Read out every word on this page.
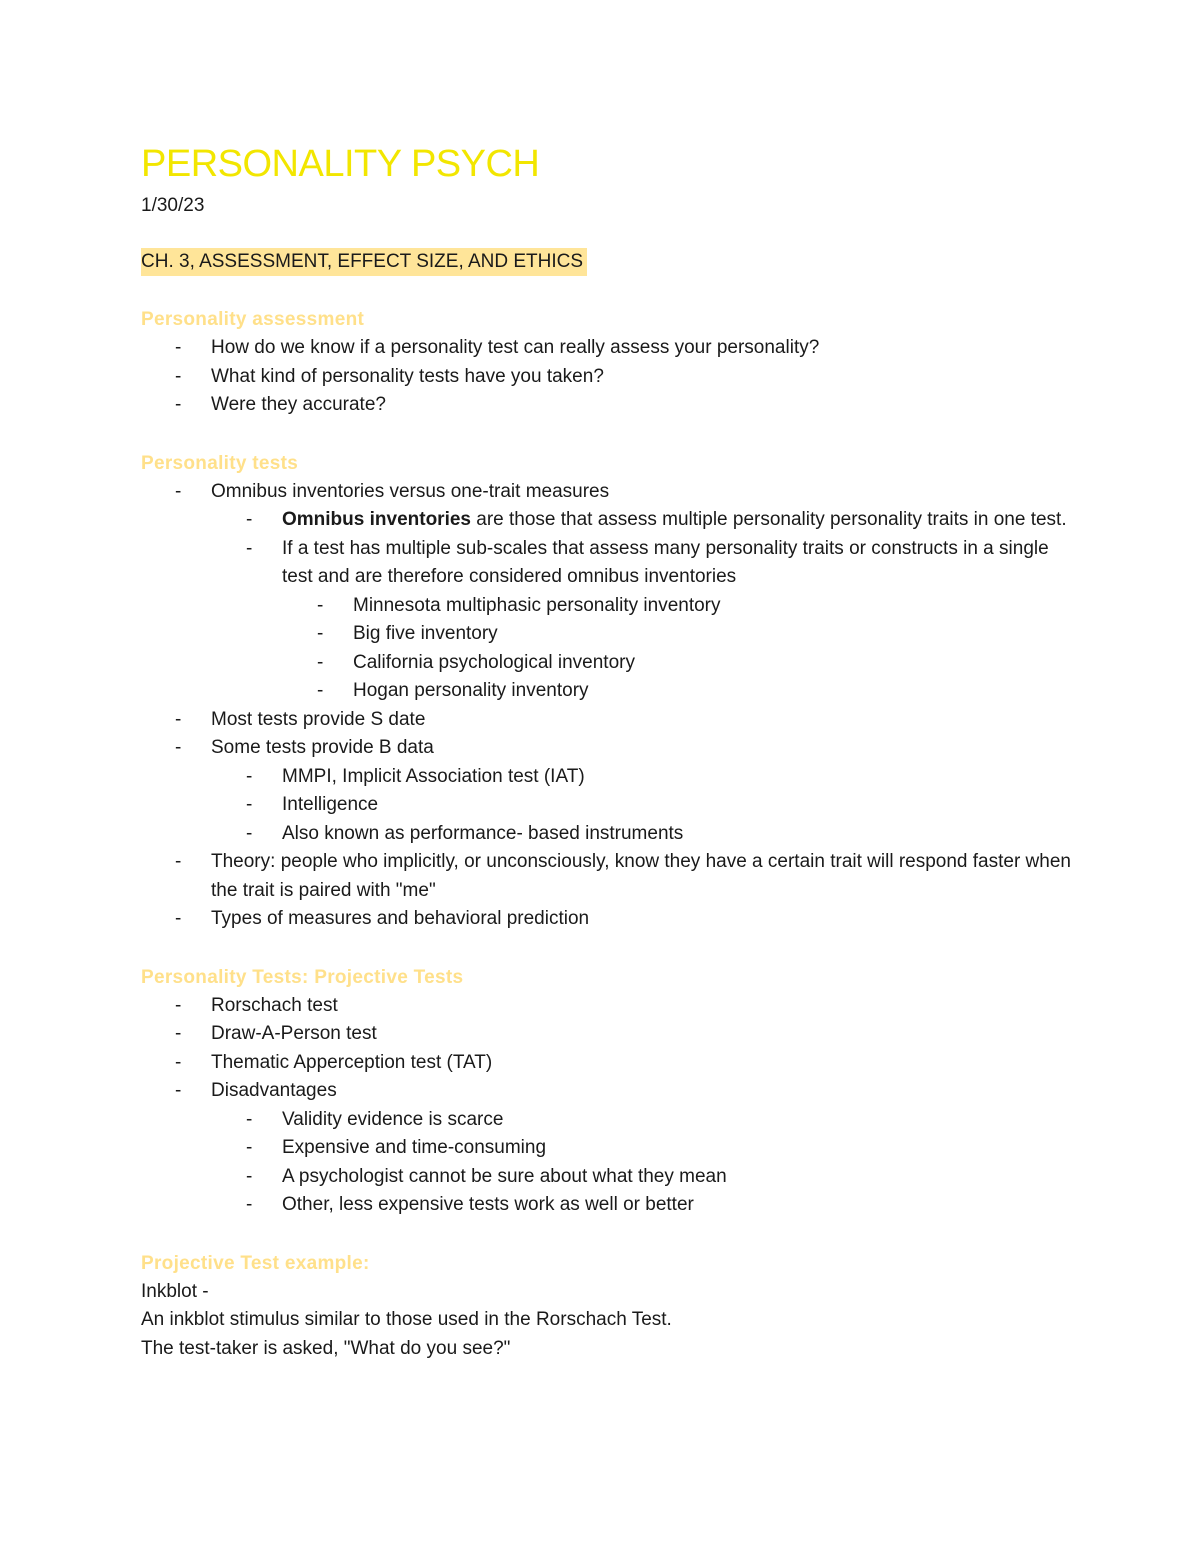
PERSONALITY PSYCH
1/30/23
CH. 3, ASSESSMENT, EFFECT SIZE, AND ETHICS
Personality assessment
- How do we know if a personality test can really assess your personality?
- What kind of personality tests have you taken?
- Were they accurate?
Personality tests
- Omnibus inventories versus one-trait measures
- Omnibus inventories are those that assess multiple personality personality traits in one test.
- If a test has multiple sub-scales that assess many personality traits or constructs in a single test and are therefore considered omnibus inventories
- Minnesota multiphasic personality inventory
- Big five inventory
- California psychological inventory
- Hogan personality inventory
- Most tests provide S date
- Some tests provide B data
- MMPI, Implicit Association test (IAT)
- Intelligence
- Also known as performance- based instruments
- Theory: people who implicitly, or unconsciously, know they have a certain trait will respond faster when the trait is paired with "me"
- Types of measures and behavioral prediction
Personality Tests: Projective Tests
- Rorschach test
- Draw-A-Person test
- Thematic Apperception test (TAT)
- Disadvantages
- Validity evidence is scarce
- Expensive and time-consuming
- A psychologist cannot be sure about what they mean
- Other, less expensive tests work as well or better
Projective Test example:
Inkblot -
An inkblot stimulus similar to those used in the Rorschach Test.
The test-taker is asked, "What do you see?"
